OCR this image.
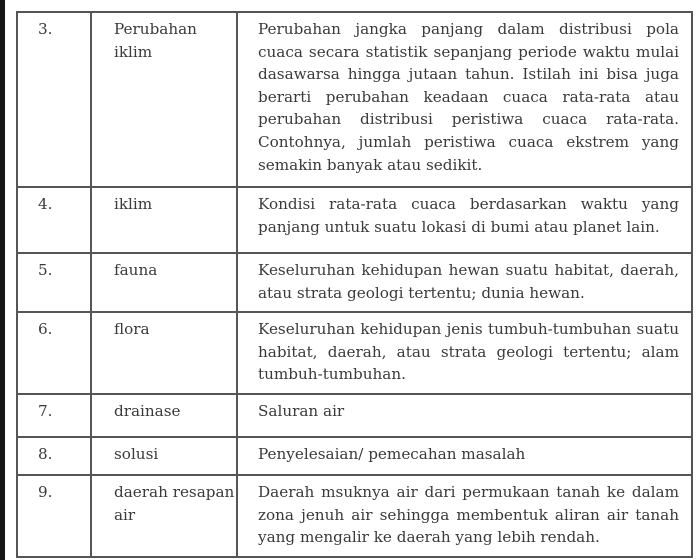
3.	Perubahan iklim	Perubahan jangka panjang dalam distribusi pola cuaca secara statistik sepanjang periode waktu mulai dasawarsa hingga jutaan tahun. Istilah ini bisa juga berarti perubahan keadaan cuaca rata-rata atau perubahan distribusi peristiwa cuaca rata-rata. Contohnya, jumlah peristiwa cuaca ekstrem yang semakin banyak atau sedikit.
4.	iklim	Kondisi rata-rata cuaca berdasarkan waktu yang panjang untuk suatu lokasi di bumi atau planet lain.
5.	fauna	Keseluruhan kehidupan hewan suatu habitat, daerah, atau strata geologi tertentu; dunia hewan.
6.	flora	Keseluruhan kehidupan jenis tumbuh-tumbuhan suatu habitat, daerah, atau strata geologi tertentu; alam tumbuh-tumbuhan.
7.	drainase	Saluran air
8.	solusi	Penyelesaian/ pemecahan masalah
9.	daerah resapan air	Daerah msuknya air dari permukaan tanah ke dalam zona jenuh air sehingga membentuk aliran air tanah yang mengalir ke daerah yang lebih rendah.
